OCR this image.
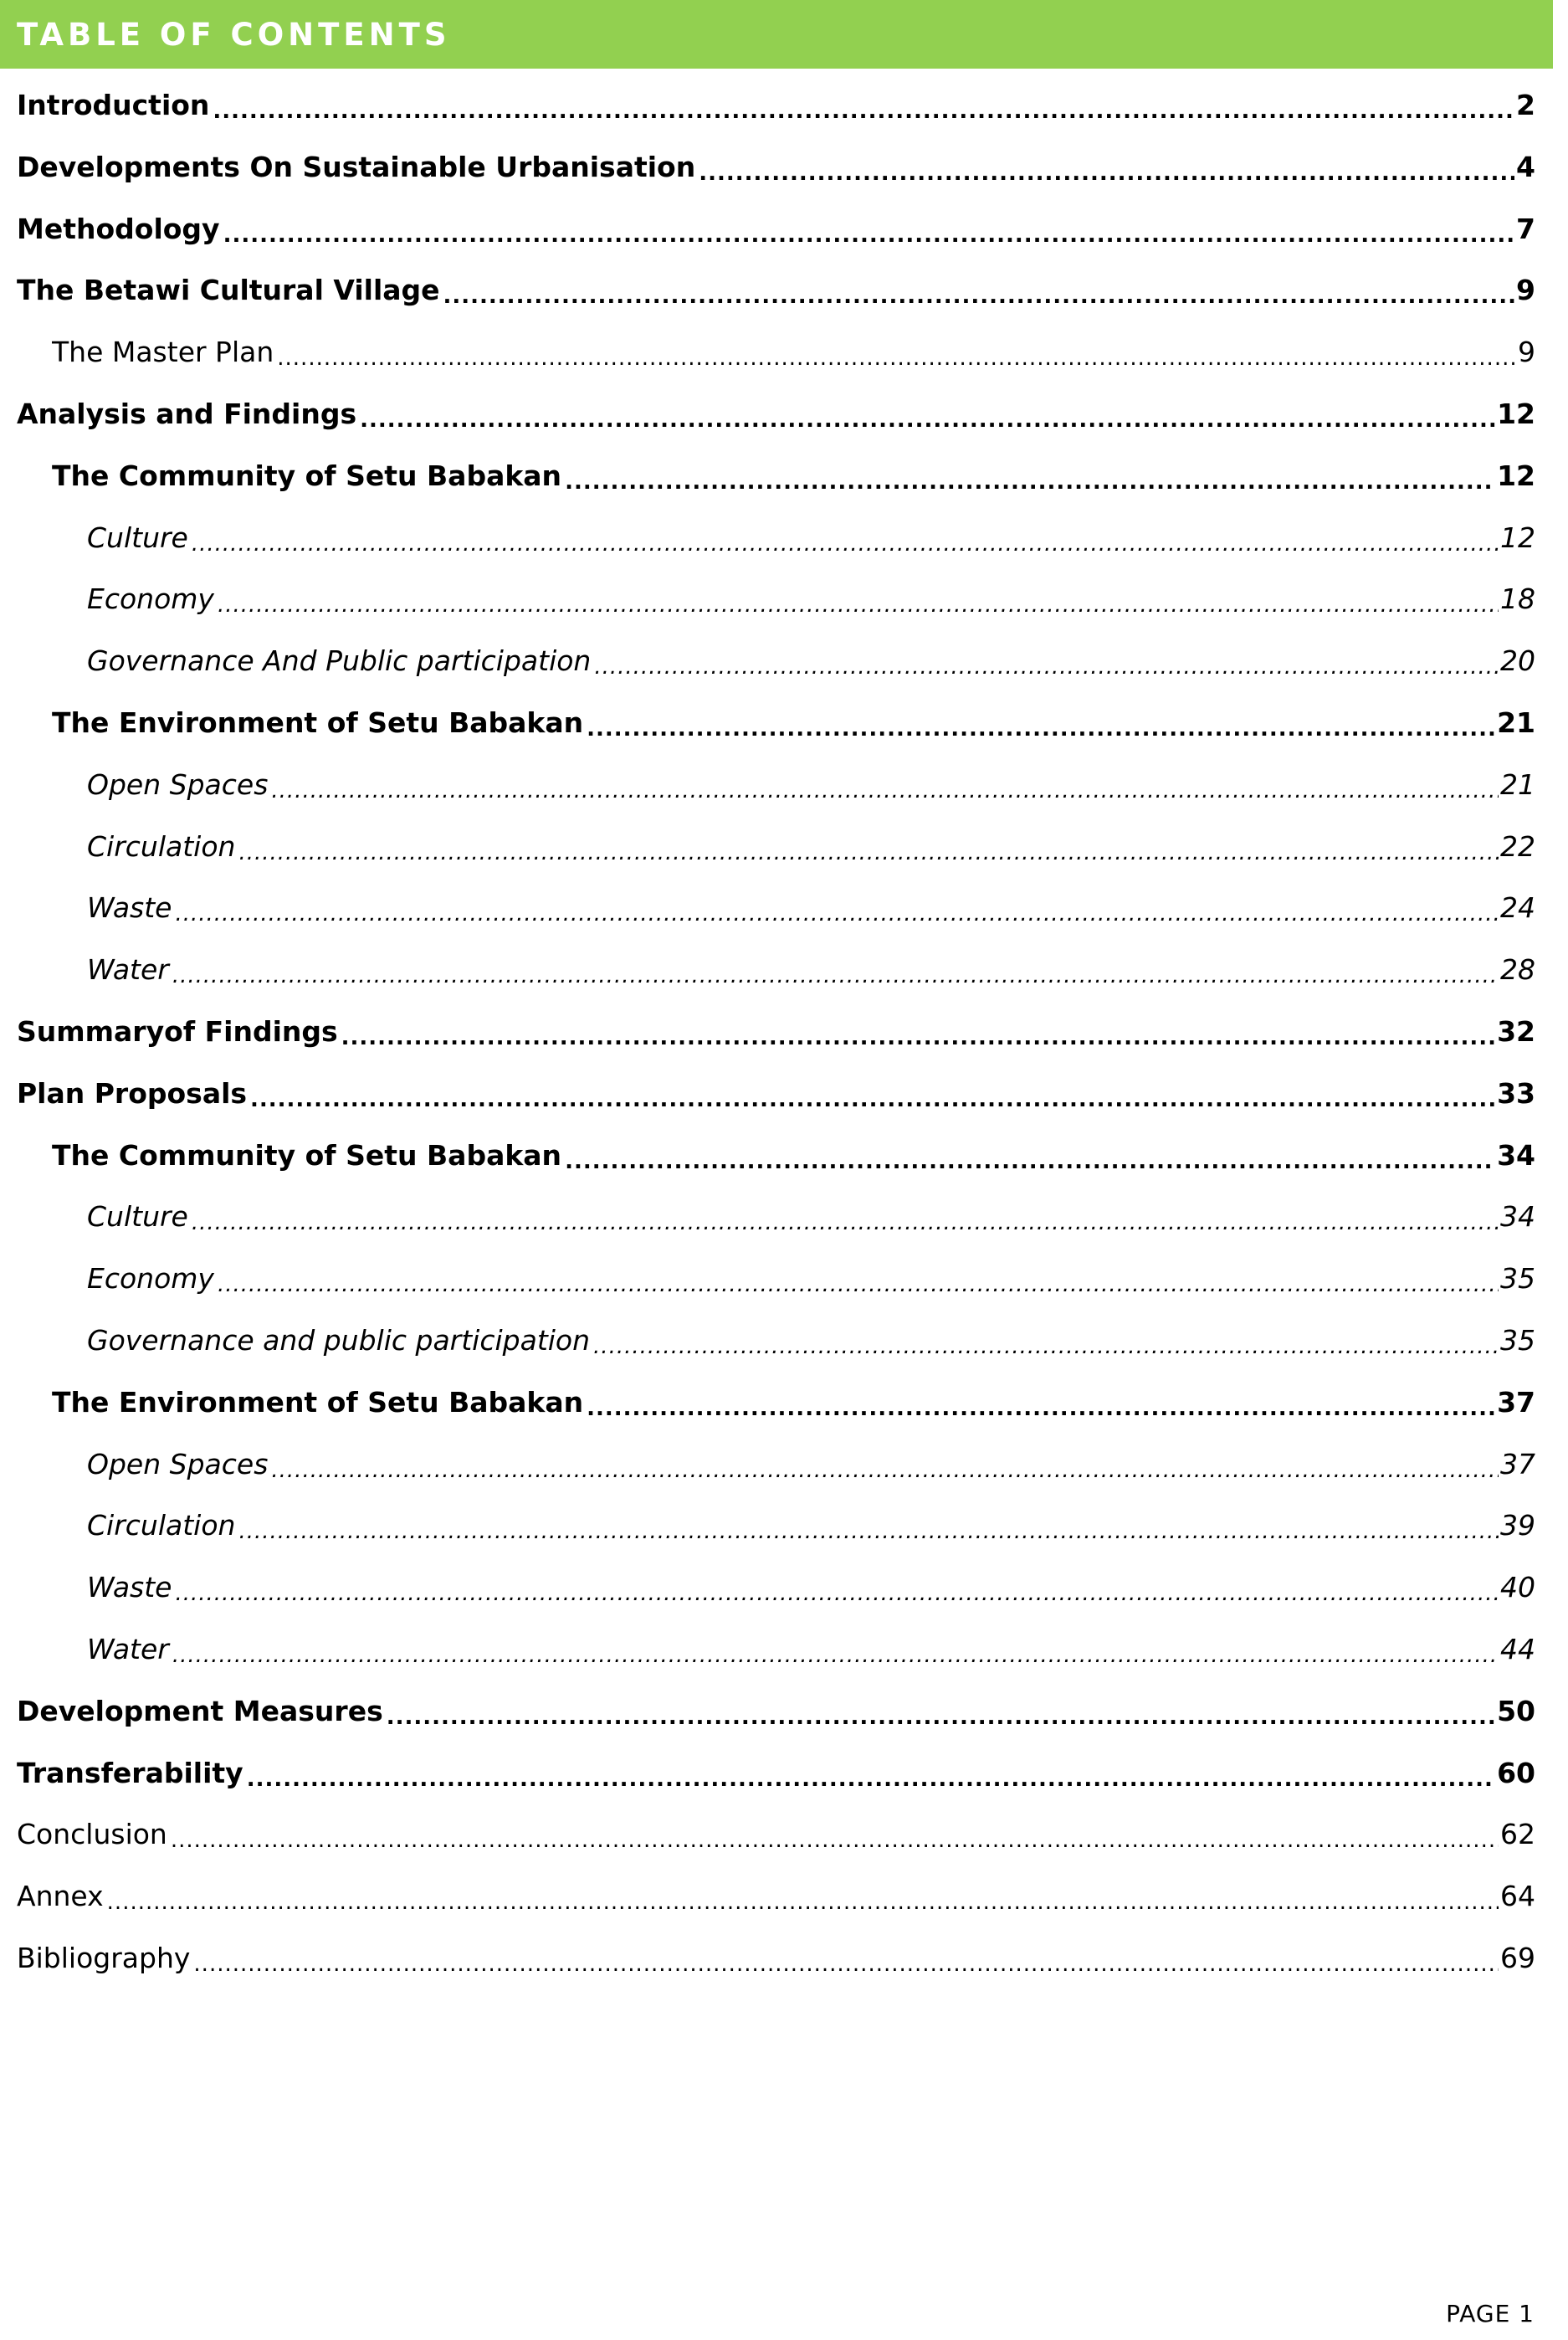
TABLE OF CONTENTS
Introduction .....	2
Developments On Sustainable Urbanisation .....	4
Methodology .....	7
The Betawi Cultural Village .....	9
The Master Plan .....	9
Analysis and Findings .....	12
The Community of Setu Babakan .....	12
Culture .....	12
Economy .....	18
Governance And Public participation .....	20
The Environment of Setu Babakan .....	21
Open Spaces .....	21
Circulation .....	22
Waste .....	24
Water .....	28
Summaryof Findings .....	32
Plan Proposals .....	33
The Community of Setu Babakan .....	34
Culture .....	34
Economy .....	35
Governance and public participation .....	35
The Environment of Setu Babakan .....	37
Open Spaces .....	37
Circulation .....	39
Waste .....	40
Water .....	44
Development Measures .....	50
Transferability .....	60
Conclusion .....	62
Annex .....	64
Bibliography .....	69
PAGE 1
